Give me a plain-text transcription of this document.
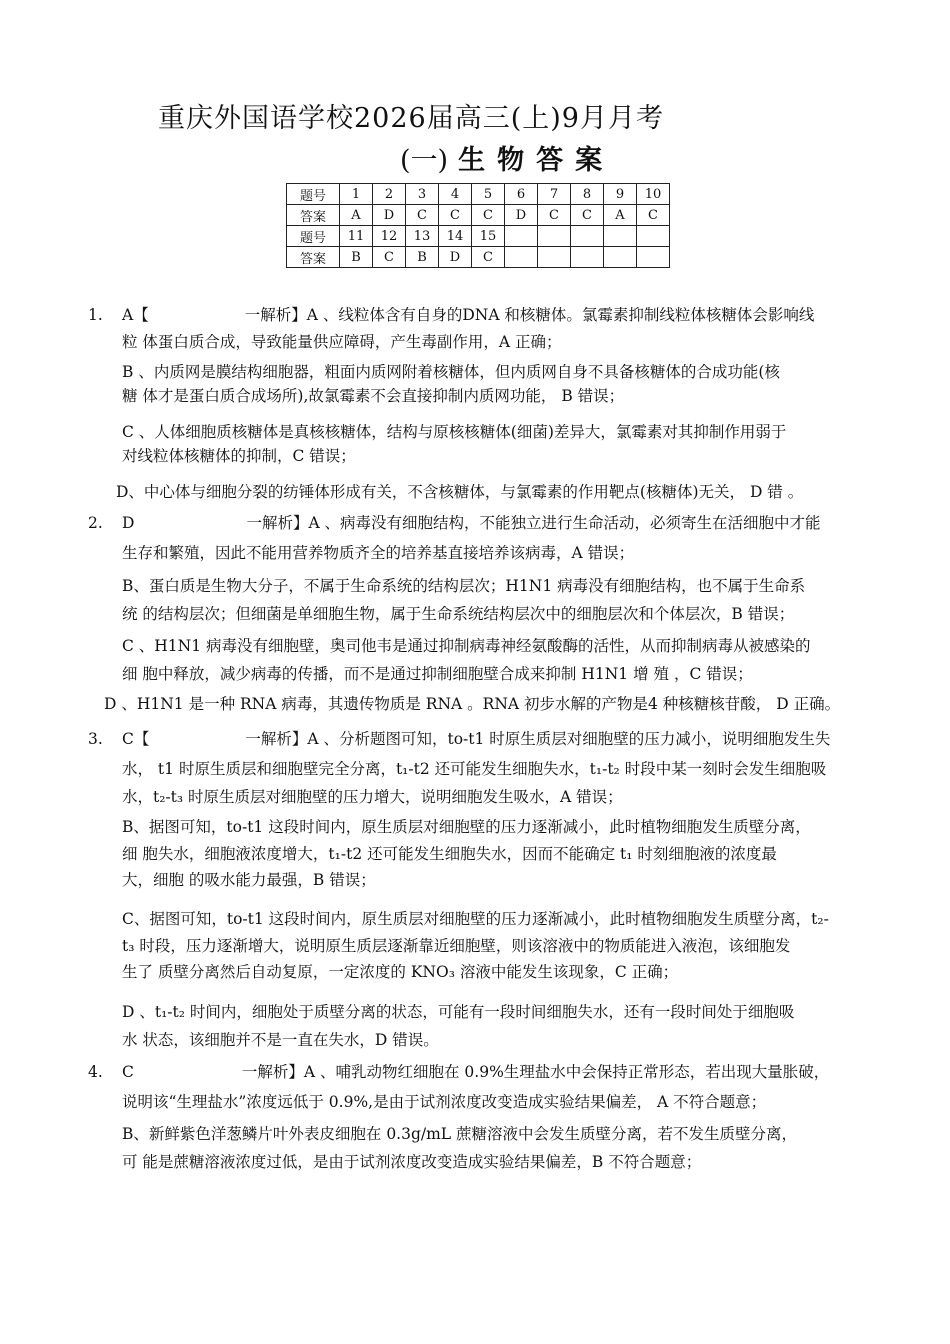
重庆外国语学校2026届高三(上)9月月考
(一) 生物答案
题号	1	2	3	4	5	6	7	8	9	10
答案	A	D	C	C	C	D	C	C	A	C
题号	11	12	13	14	15					
答案	B	C	B	D	C					
1. A【	一解析】A 、线粒体含有自身的DNA 和核糖体。氯霉素抑制线粒体核糖体会影响线
粒 体蛋白质合成，导致能量供应障碍，产生毒副作用，A 正确；
B 、内质网是膜结构细胞器，粗面内质网附着核糖体，但内质网自身不具备核糖体的合成功能(核
糖 体才是蛋白质合成场所),故氯霉素不会直接抑制内质网功能， B 错误；
C 、人体细胞质核糖体是真核核糖体，结构与原核核糖体(细菌)差异大，氯霉素对其抑制作用弱于
对线粒体核糖体的抑制，C 错误；
D、中心体与细胞分裂的纺锤体形成有关，不含核糖体，与氯霉素的作用靶点(核糖体)无关， D 错 。
2. D	一解析】A 、病毒没有细胞结构，不能独立进行生命活动，必须寄生在活细胞中才能
生存和繁殖，因此不能用营养物质齐全的培养基直接培养该病毒，A 错误；
B、蛋白质是生物大分子，不属于生命系统的结构层次；H1N1 病毒没有细胞结构，也不属于生命系
统 的结构层次；但细菌是单细胞生物，属于生命系统结构层次中的细胞层次和个体层次，B 错误；
C 、H1N1 病毒没有细胞壁，奥司他韦是通过抑制病毒神经氨酸酶的活性，从而抑制病毒从被感染的
细 胞中释放，减少病毒的传播，而不是通过抑制细胞壁合成来抑制 H1N1 增 殖 ，C 错误；
D 、H1N1 是一种 RNA 病毒，其遗传物质是 RNA 。RNA 初步水解的产物是4 种核糖核苷酸， D 正确。
3. C【	一解析】A 、分析题图可知，to-t1 时原生质层对细胞壁的压力减小，说明细胞发生失
水， t1 时原生质层和细胞壁完全分离，t₁-t2 还可能发生细胞失水，t₁-t₂ 时段中某一刻时会发生细胞吸
水，t₂-t₃ 时原生质层对细胞壁的压力增大，说明细胞发生吸水，A 错误；
B、据图可知，to-t1 这段时间内，原生质层对细胞壁的压力逐渐减小，此时植物细胞发生质壁分离，
细 胞失水，细胞液浓度增大，t₁-t2 还可能发生细胞失水，因而不能确定 t₁ 时刻细胞液的浓度最
大，细胞 的吸水能力最强，B 错误；
C、据图可知，to-t1 这段时间内，原生质层对细胞壁的压力逐渐减小，此时植物细胞发生质壁分离，t₂-
t₃ 时段，压力逐渐增大，说明原生质层逐渐靠近细胞壁，则该溶液中的物质能进入液泡，该细胞发
生了 质壁分离然后自动复原，一定浓度的 KNO₃ 溶液中能发生该现象，C 正确；
D 、t₁-t₂ 时间内，细胞处于质壁分离的状态，可能有一段时间细胞失水，还有一段时间处于细胞吸
水 状态，该细胞并不是一直在失水，D 错误。
4. C	一解析】A 、哺乳动物红细胞在 0.9%生理盐水中会保持正常形态，若出现大量胀破，
说明该“生理盐水”浓度远低于 0.9%,是由于试剂浓度改变造成实验结果偏差， A 不符合题意；
B、新鲜紫色洋葱鳞片叶外表皮细胞在 0.3g/mL 蔗糖溶液中会发生质壁分离，若不发生质壁分离，
可 能是蔗糖溶液浓度过低，是由于试剂浓度改变造成实验结果偏差，B 不符合题意；
